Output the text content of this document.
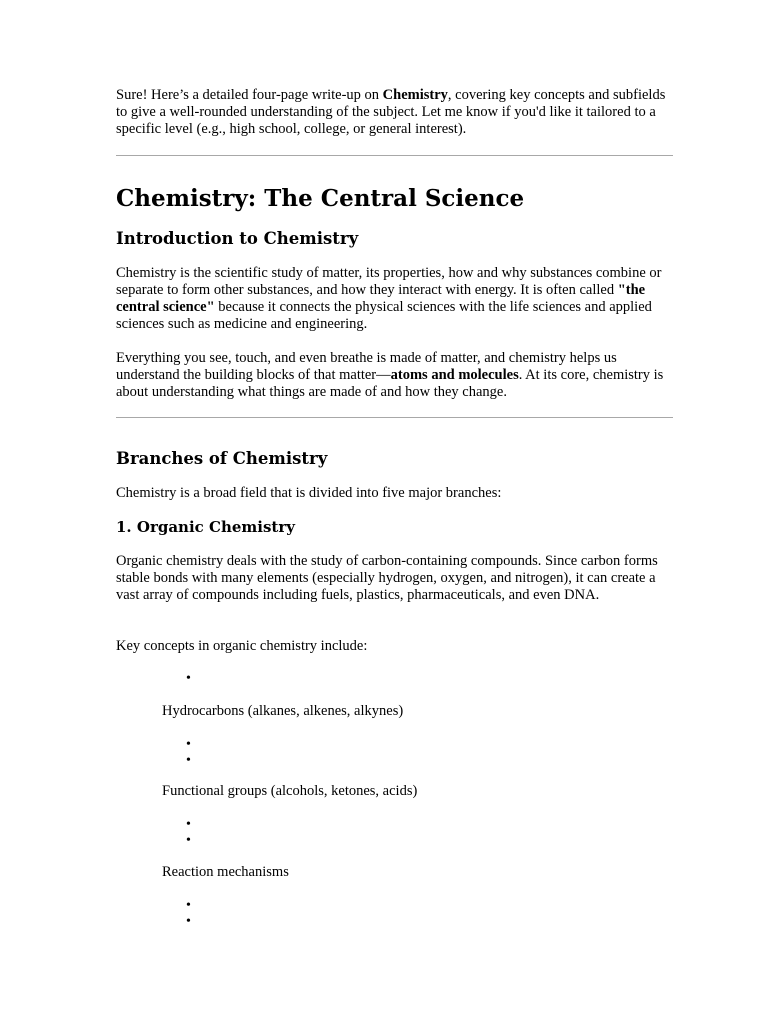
Sure! Here’s a detailed four-page write-up on Chemistry, covering key concepts and subfields to give a well-rounded understanding of the subject. Let me know if you'd like it tailored to a specific level (e.g., high school, college, or general interest).

Chemistry: The Central Science
Introduction to Chemistry

Chemistry is the scientific study of matter, its properties, how and why substances combine or separate to form other substances, and how they interact with energy. It is often called "the central science" because it connects the physical sciences with the life sciences and applied sciences such as medicine and engineering.

Everything you see, touch, and even breathe is made of matter, and chemistry helps us understand the building blocks of that matter—atoms and molecules. At its core, chemistry is about understanding what things are made of and how they change.

Branches of Chemistry

Chemistry is a broad field that is divided into five major branches:

1. Organic Chemistry

Organic chemistry deals with the study of carbon-containing compounds. Since carbon forms stable bonds with many elements (especially hydrogen, oxygen, and nitrogen), it can create a vast array of compounds including fuels, plastics, pharmaceuticals, and even DNA.

Key concepts in organic chemistry include:

•

Hydrocarbons (alkanes, alkenes, alkynes)

•
•

Functional groups (alcohols, ketones, acids)

•
•

Reaction mechanisms

•
•
